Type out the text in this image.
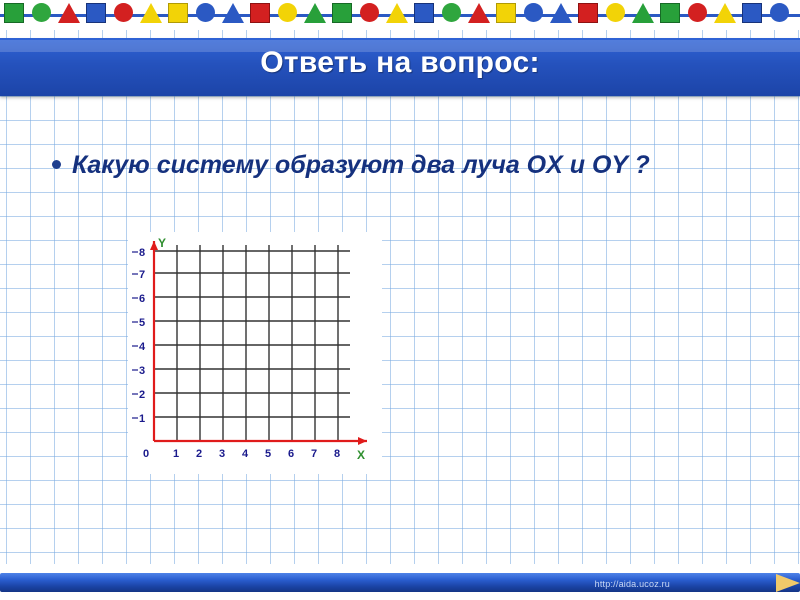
Ответь на вопрос:
Какую систему образуют два луча OX и OY ?
0 1 2 3 4 5 6 7 8
1
2
3
4
5
6
7
8
X
Y
http://aida.ucoz.ru
